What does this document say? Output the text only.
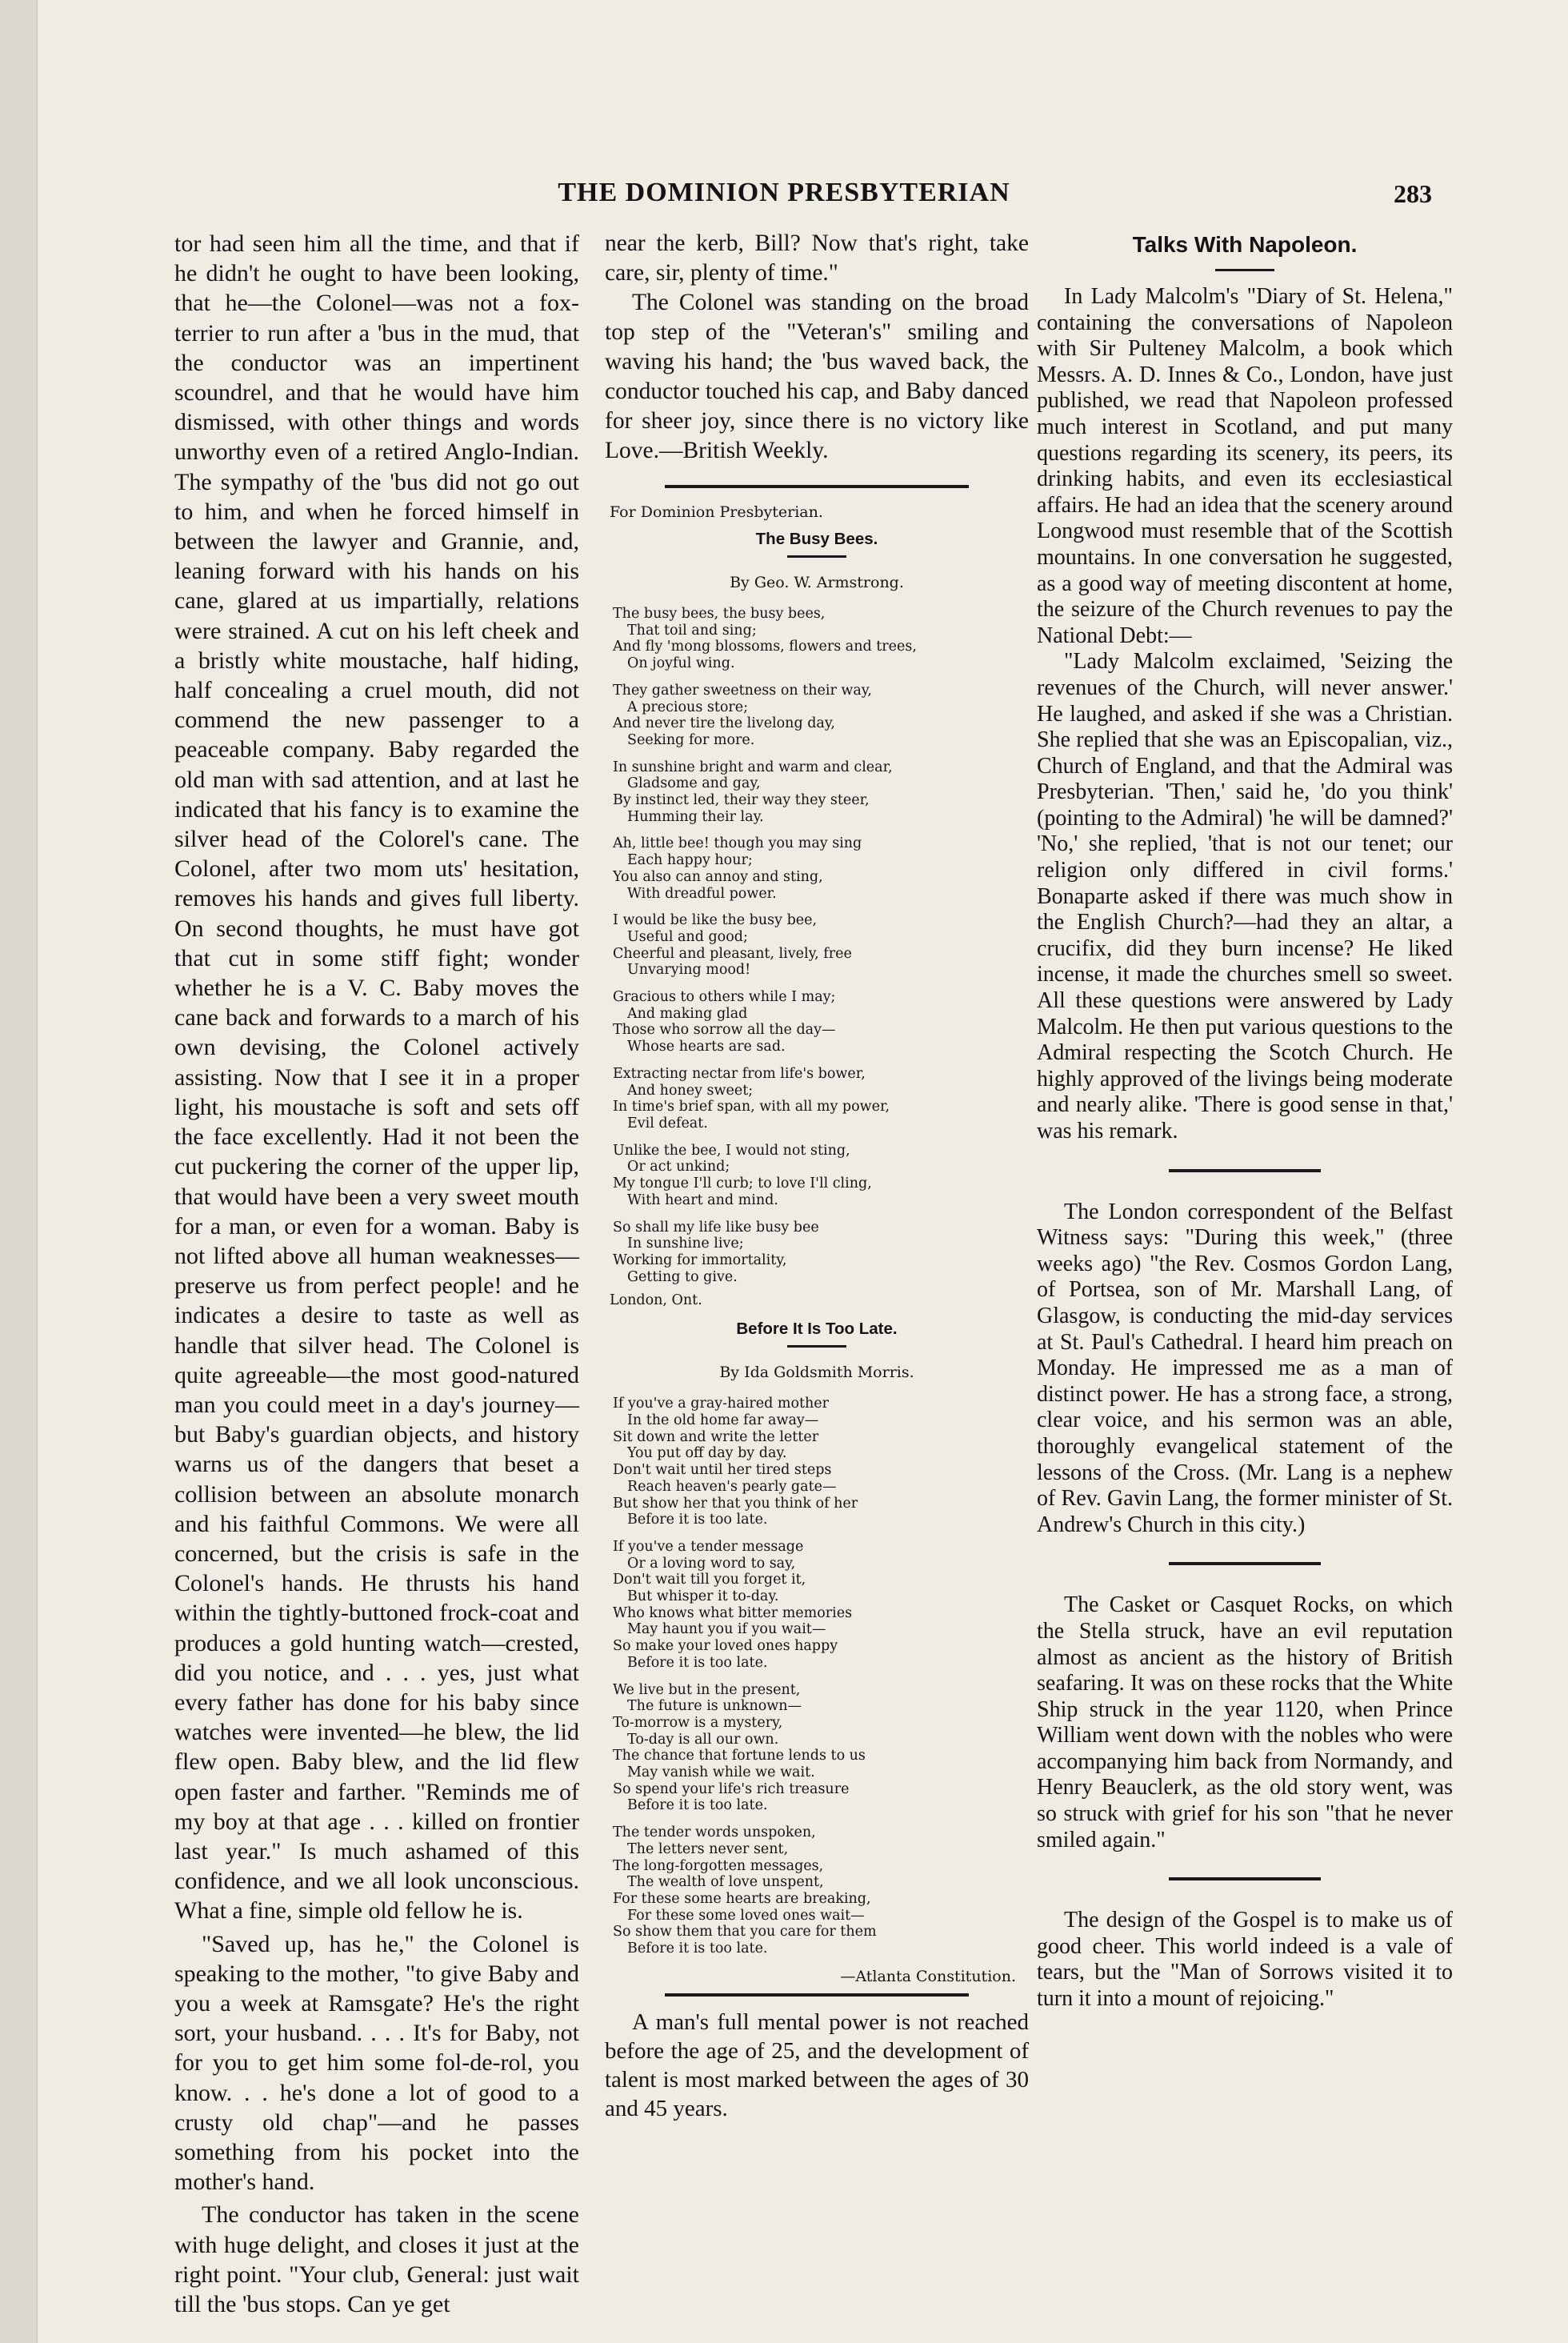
THE DOMINION PRESBYTERIAN	283

tor had seen him all the time, and that if he didn't he ought to have been looking, that he—the Colonel—was not a fox-terrier to run after a 'bus in the mud, that the conductor was an impertinent scoundrel, and that he would have him dismissed, with other things and words unworthy even of a retired Anglo-Indian. The sympathy of the 'bus did not go out to him, and when he forced himself in between the lawyer and Grannie, and, leaning forward with his hands on his cane, glared at us impartially, relations were strained. A cut on his left cheek and a bristly white moustache, half hiding, half concealing a cruel mouth, did not commend the new passenger to a peaceable company. Baby regarded the old man with sad attention, and at last he indicated that his fancy is to examine the silver head of the Colorel's cane. The Colonel, after two mom uts' hesitation, removes his hands and gives full liberty. On second thoughts, he must have got that cut in some stiff fight; wonder whether he is a V. C. Baby moves the cane back and forwards to a march of his own devising, the Colonel actively assisting. Now that I see it in a proper light, his moustache is soft and sets off the face excellently. Had it not been the cut puckering the corner of the upper lip, that would have been a very sweet mouth for a man, or even for a woman. Baby is not lifted above all human weaknesses—preserve us from perfect people! and he indicates a desire to taste as well as handle that silver head. The Colonel is quite agreeable—the most good-natured man you could meet in a day's journey—but Baby's guardian objects, and history warns us of the dangers that beset a collision between an absolute monarch and his faithful Commons. We were all concerned, but the crisis is safe in the Colonel's hands. He thrusts his hand within the tightly-buttoned frock-coat and produces a gold hunting watch—crested, did you notice, and . . . yes, just what every father has done for his baby since watches were invented—he blew, the lid flew open. Baby blew, and the lid flew open faster and farther. "Reminds me of my boy at that age . . . killed on frontier last year." Is much ashamed of this confidence, and we all look unconscious. What a fine, simple old fellow he is.

"Saved up, has he," the Colonel is speaking to the mother, "to give Baby and you a week at Ramsgate? He's the right sort, your husband. . . . It's for Baby, not for you to get him some fol-de-rol, you know. . . he's done a lot of good to a crusty old chap"—and he passes something from his pocket into the mother's hand.

The conductor has taken in the scene with huge delight, and closes it just at the right point. "Your club, General: just wait till the 'bus stops. Can ye get

near the kerb, Bill? Now that's right, take care, sir, plenty of time."

The Colonel was standing on the broad top step of the "Veteran's" smiling and waving his hand; the 'bus waved back, the conductor touched his cap, and Baby danced for sheer joy, since there is no victory like Love.—British Weekly.

For Dominion Presbyterian.
The Busy Bees.
By Geo. W. Armstrong.
The busy bees, the busy bees,
That toil and sing;
And fly 'mong blossoms, flowers and trees,
On joyful wing.
They gather sweetness on their way,
A precious store;
And never tire the livelong day,
Seeking for more.
In sunshine bright and warm and clear,
Gladsome and gay,
By instinct led, their way they steer,
Humming their lay.
Ah, little bee! though you may sing
Each happy hour;
You also can annoy and sting,
With dreadful power.
I would be like the busy bee,
Useful and good;
Cheerful and pleasant, lively, free
Unvarying mood!
Gracious to others while I may;
And making glad
Those who sorrow all the day—
Whose hearts are sad.
Extracting nectar from life's bower,
And honey sweet;
In time's brief span, with all my power,
Evil defeat.
Unlike the bee, I would not sting,
Or act unkind;
My tongue I'll curb; to love I'll cling,
With heart and mind.
So shall my life like busy bee
In sunshine live;
Working for immortality,
Getting to give.
London, Ont.
Before It Is Too Late.
By Ida Goldsmith Morris.
If you've a gray-haired mother
In the old home far away—
Sit down and write the letter
You put off day by day.
Don't wait until her tired steps
Reach heaven's pearly gate—
But show her that you think of her
Before it is too late.
If you've a tender message
Or a loving word to say,
Don't wait till you forget it,
But whisper it to-day.
Who knows what bitter memories
May haunt you if you wait—
So make your loved ones happy
Before it is too late.
We live but in the present,
The future is unknown—
To-morrow is a mystery,
To-day is all our own.
The chance that fortune lends to us
May vanish while we wait.
So spend your life's rich treasure
Before it is too late.
The tender words unspoken,
The letters never sent,
The long-forgotten messages,
The wealth of love unspent,
For these some hearts are breaking,
For these some loved ones wait—
So show them that you care for them
Before it is too late.
—Atlanta Constitution.

A man's full mental power is not reached before the age of 25, and the development of talent is most marked between the ages of 30 and 45 years.

Talks With Napoleon.

In Lady Malcolm's "Diary of St. Helena," containing the conversations of Napoleon with Sir Pulteney Malcolm, a book which Messrs. A. D. Innes & Co., London, have just published, we read that Napoleon professed much interest in Scotland, and put many questions regarding its scenery, its peers, its drinking habits, and even its ecclesiastical affairs. He had an idea that the scenery around Longwood must resemble that of the Scottish mountains. In one conversation he suggested, as a good way of meeting discontent at home, the seizure of the Church revenues to pay the National Debt:—

"Lady Malcolm exclaimed, 'Seizing the revenues of the Church, will never answer.' He laughed, and asked if she was a Christian. She replied that she was an Episcopalian, viz., Church of England, and that the Admiral was Presbyterian. 'Then,' said he, 'do you think' (pointing to the Admiral) 'he will be damned?' 'No,' she replied, 'that is not our tenet; our religion only differed in civil forms.' Bonaparte asked if there was much show in the English Church?—had they an altar, a crucifix, did they burn incense? He liked incense, it made the churches smell so sweet. All these questions were answered by Lady Malcolm. He then put various questions to the Admiral respecting the Scotch Church. He highly approved of the livings being moderate and nearly alike. 'There is good sense in that,' was his remark.

The London correspondent of the Belfast Witness says: "During this week," (three weeks ago) "the Rev. Cosmos Gordon Lang, of Portsea, son of Mr. Marshall Lang, of Glasgow, is conducting the mid-day services at St. Paul's Cathedral. I heard him preach on Monday. He impressed me as a man of distinct power. He has a strong face, a strong, clear voice, and his sermon was an able, thoroughly evangelical statement of the lessons of the Cross. (Mr. Lang is a nephew of Rev. Gavin Lang, the former minister of St. Andrew's Church in this city.)

The Casket or Casquet Rocks, on which the Stella struck, have an evil reputation almost as ancient as the history of British seafaring. It was on these rocks that the White Ship struck in the year 1120, when Prince William went down with the nobles who were accompanying him back from Normandy, and Henry Beauclerk, as the old story went, was so struck with grief for his son "that he never smiled again."

The design of the Gospel is to make us of good cheer. This world indeed is a vale of tears, but the "Man of Sorrows visited it to turn it into a mount of rejoicing."
